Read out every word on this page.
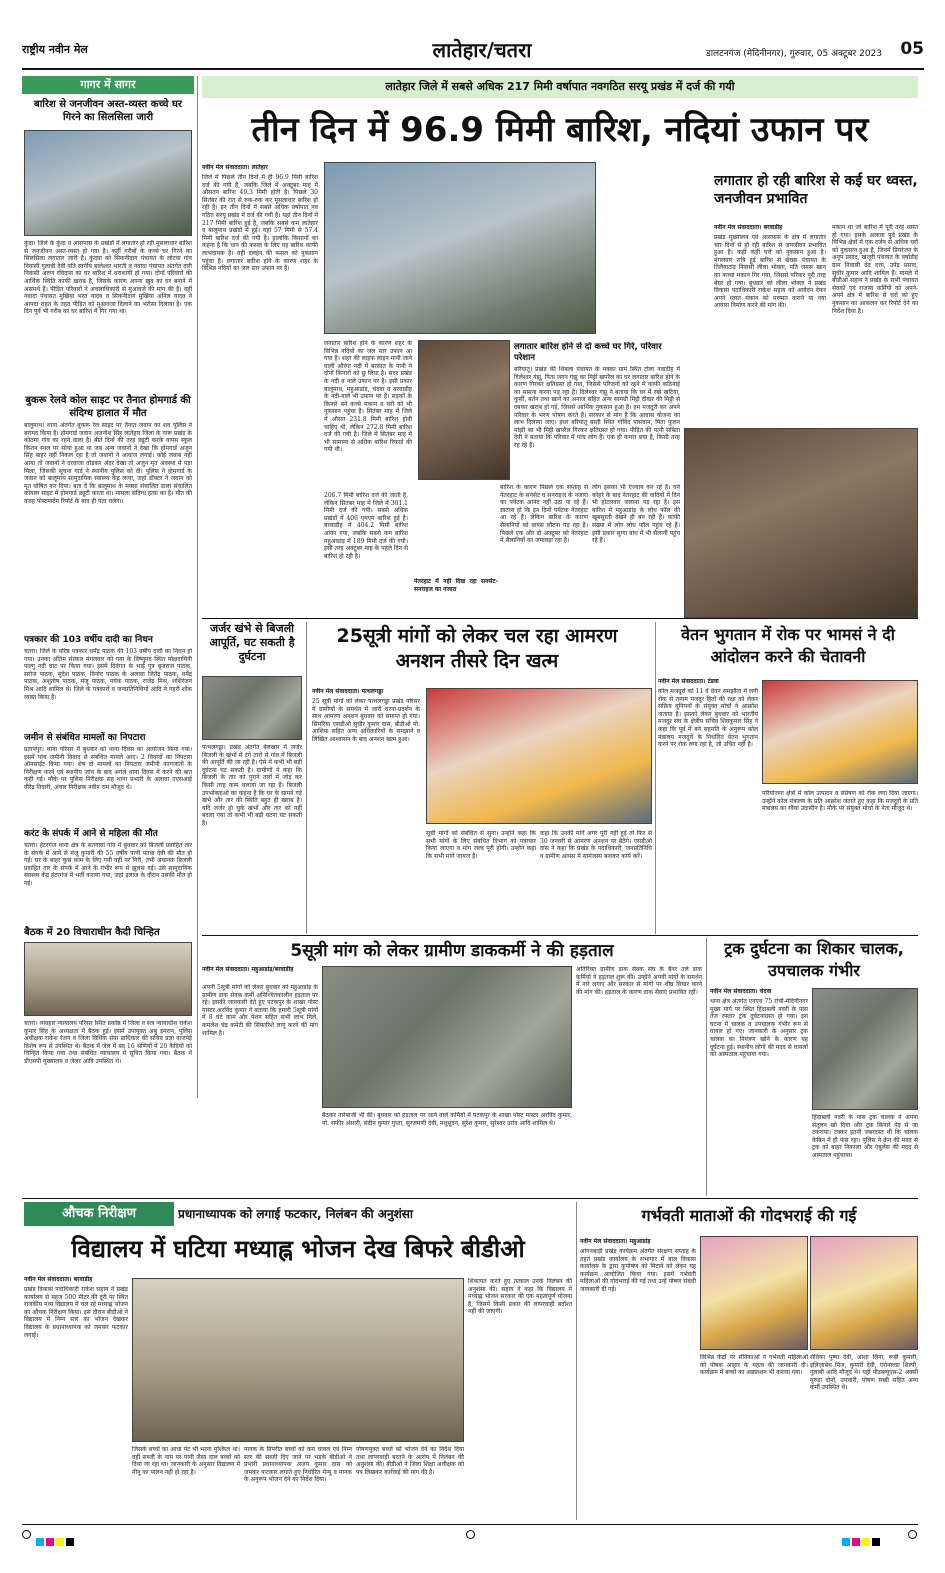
राष्ट्रीय नवीन मेल	लातेहार/चतरा	डालटनगंज (मेदिनीनगर), गुरुवार, 05 अक्टूबर 2023	05
गागर में सागर
बारिश से जनजीवन अस्त-व्यस्त कच्चे घर गिरने का सिलसिला जारी
कुंदा। जिले के कुंदा व आसपास के प्रखंडों में लगातार हो रही मूसलाधार बारिश से जनजीवन अस्त-व्यस्त हो गया है। कहीं गरीबों के कच्चे घर गिरने का सिलसिला लगातार जारी है। कुंदवा को सिकनीदाग पंचायत के लोटवा गांव निवासी गुलाबी देवी पति स्वर्गीय बालेश्वर भारती व नवादा पंचायत अंतर्गत दारी निवासी अरुण रविदास का घर बारिश में धराशायी हो गया। दोनों परिवारों की आर्थिक स्थिति काफी खराब है, जिसके कारण अपना खुद का घर बनाने में असमर्थ हैं। पीड़ित परिवारों ने अंचलाधिकारी से मुआवजे की मांग की है। वहीं नवादा पंचायत मुखिया भरत यादव व सिकनीदाग मुखिया अनिल यादव ने आपदा राहत के तहत पीड़ित को मुआवजा दिलाने का भरोसा दिलाया है। एक दिन पूर्व भी गरीब का घर बारिश में गिर गया था।
बुकरू रेलवे कोल साइट पर तैनात होमगार्ड की संदिग्ध हालात में मौत
बालूमाथ। थाना अंतर्गत बुकरू रेल साइट पर तैनात जवान का शव पुलिस ने बरामद किया है। होमगार्ड जवान अजनोश सिंह लातेहार जिला के गारू प्रखंड के कोठमा गांव का रहने वाला है। बीते दिनों की तरह ड्यूटी करके वापस स्कूल किशन स्थल पर सोया हुआ था जब अन्य जवानों ने देखा कि होमगार्ड अजुन सिंह बाहर नहीं निकल रहा है तो जवानों ने आवाज लगाई। कोई जवाब नहीं आया तो जवानों ने दरवाजा तोड़कर अंदर देखा तो अजुन मृत अवस्था में पड़ा मिला, जिसकी सूचना गार्ड ने स्थानीय पुलिस को दी। पुलिस ने होमगार्ड के जवान को बालूमाथ सामुदायिक स्वास्थ्य केंद्र लाया, जहां डॉक्टर ने जवान को मृत घोषित कर दिया। बता दें कि बालूमाथ के मक्सा संचालित डाला संचालित कोयला साइट में होमगार्ड ड्यूटी करता था। मामला संदिग्ध हत्या का है। मौत की वजह पोस्टमार्टम रिपोर्ट के बाद ही पता चलेगा।
पत्रकार की 103 वर्षीय दादी का निधन
चतरा। जिले के वरिष्ठ पत्रकार धर्मेंद्र पाठक की 103 वर्षीय दादी का निधन हो गया। उनका अंतिम संस्कार मंगलवार को गया के विष्णुपद स्थित मोक्षदायिनी फल्गु नदी घाट पर किया गया। इसमें दिवंगत के भाई पुत्र बृजराज पाठक, सरोज पाठक, सुदेश पाठक, विनोद पाठक के अलावा जितेंद्र पाठक, धर्मेंद्र पाठक, अशुतोष पाठक, मंजू पाठक, मयंक पाठक, राजेंद्र मिश्र, शशिरंजन मिश्र आदि शामिल थे। जिले के पत्रकारों व जनप्रतिनिधियों आदि ने गहरी शोक व्यक्त किया है।
जमीन से संबंधित मामलों का निपटारा
प्रतापपुर। थाना परिसर में बुधवार को थाना दिवस का आयोजन किया गया। इसमें पांच जमीनी विवाद से संबंधित मामले आए। 2 विवादों का निपटारा ऑनसाईट किया गया। शेष दो मामलों का निपटारा जमीनी कागजातों के निरीक्षण करने एवं स्थानीय जांच के बाद अगले थाना दिवस में करने की बात कही गई। मौके पर पुलिस निरीक्षक सह थाना प्रभारी के अलावा एएसआई वीरेंद्र तिवारी, अंचल निरीक्षक नवीन राम मौजूद थे।
करंट के संपर्क में आने से महिला की मौत
चतरा। हंटरगंज थाना क्षेत्र के सतगावां गांव में बुधवार को बिजली प्रवाहित तार के संपर्क में आने से मंजू कुमारी की 55 वर्षीय पत्नी पतवा देवी की मौत हो गई। घर के बाहर कुछ काम के लिए गयी वहीं पर गिरी, तभी अचानक बिजली प्रवाहित तार के संपर्क में आने के गंभीर रूप से झुलस गई। उसे सामुदायिक स्वास्थ्य केंद्र हंटरगंज में भर्ती कराया गया, जहां इलाज के दौरान उसकी मौत हो गई।
बैठक में 20 विचाराधीन कैदी चिन्हित
चतरा। व्यवहार न्यायालय परिसर स्थित प्रकोष्ठ में जिला व सत्र न्यायाधीश राकेश कुमार सिंह के अध्यक्षता में बैठक हुई। इसमें उपायुक्त अबु इमरान, पुलिस अधीक्षक राकेश रंजन व जिला विधिक सेवा प्राधिकार की सचिव प्रज्ञा वाजपेई विशेष रूप से उपस्थित थे। बैठक में जेल में बंद 16 श्रेणियों में 20 कैदियों को चिन्हित किया गया तथा संबंधित न्यायालय में सूचित किया गया। बैठक में डीएसपी मुख्यालय व जेलर आदि उपस्थित थे।
लातेहार जिले में सबसे अधिक 217 मिमी वर्षापात नवगठित सरयू प्रखंड में दर्ज की गयी
तीन दिन में 96.9 मिमी बारिश, नदियां उफान पर
नवीन मेल संवाददाता। लातेहार
जिले में पिछले तीन दिनों में ही 96.9 मिमी बारिश दर्ज की गयी है, जबकि जिले में अक्टूबर माह में औसतन बारिश 49.3 मिमी होती है। पिछले 30 सितंबर की रात से रुक-रुक कर मूसलाधार बारिश हो रही है। इन तीन दिनों में सबसे अधिक वर्षापात नव गठित सरयू प्रखंड में दर्ज की गयी है। यहां तीन दिनों में 217 मिमी बारिश हुई है, जबकि सबसे कम लातेहार व बालूमाथ प्रखंडों में हुई। यहां 57 मिमी से 57.4 मिमी बारिश दर्ज की गयी है। हालांकि किसानों का कहना है कि धान की फसल के लिए यह बारिश काफी लाभदायक है। वहीं दलहन की फसल को नुकसान पहुंचा है। लगातार बारिश होने के कारण शहर के विभिन्न नदियों का जल स्तर उफान पर है।
लगातार बारिश होने के कारण शहर के विभिन्न नदियों का जल स्तर उफान आ गया है। शहर की लाइफ लाइन मानी जाने वाली औरंगा नदी में बरसात के पानी ने दोनों किनारों को छू लिया है। सदर प्रखंड के नदी व नाले उफान पर है। इसी प्रकार बालूमाथ, महुआडांड़, चंदवा व बरवाडीह के नदी-नाले भी उफान पर हैं। सड़कों के किनारे बने कच्चे मकान व घरों को भी नुकसान पहुंचा है। सितंबर माह में जिले में औसत 231.8 मिमी बारिश होनी चाहिए थी, लेकिन 272.8 मिमी बारिश दर्ज की गयी है। जिले में सितंबर माह में भी सामान्य से अधिक बारिश रिकार्ड की गयी थी।
लगातार हो रही बारिश से कई घर ध्वस्त, जनजीवन प्रभावित
नवीन मेल संवाददाता। बरवाडीह
प्रखंड मुख्यालय एवं आसपास के क्षेत्र में लगातार चार दिनों से हो रही बारिश से जनजीवन प्रभावित हुआ है। कहीं कहीं घरों को नुकसान हुआ है। मंगलवार रात्रि हुई बारिश से छेच्छा पंचायत के तिलैयाटांड़ निवासी लीला भोक्ता, पति जमरू खान का कच्चा मकान गिर गया, जिससे परिवार पूरी तरह बेघर हो गया। बुधवार को लीला भोक्ता ने प्रखंड विकास पदाधिकारी राकेश सहाय को आवेदन देकर अपने ध्वस्त मकान को मरम्मत कराने या नया आवास निर्माण करने की मांग की।
मकान था जो बारिश में पूरी तरह ध्वस्त हो गया। इसके अलावा पूर्व प्रखंड के विभिन्न क्षेत्रों में एक दर्जन से अधिक घरों को नुकसान हुआ है, जिनमें प्रियरंजन के अनूप प्रसाद, खजूरी पंचायत के वर्षाडीह ग्राम निवासी देव दत्ता, उपेंद्र प्रसाद, सुधीर कुमार आदि शामिल हैं। मामले में बीडीओ सहाय ने प्रखंड के सभी पंचायत सेवकों एवं राजस्व कर्मियों को अपने-अपने क्षेत्र में बारिश से घरों को हुए नुकसान का आकलन कर रिपोर्ट देने का निर्देश दिया है।
लगातार बारिश होने से दो कच्चे घर गिरे, परिवार परेशान
बरियातू। प्रखंड की शिबला पंचायत के मक्का ग्राम स्थित टोला नवाडीह में दिलेश्वर गंझू, पिता जगन गंझू का मिट्टी खपरैल का घर लगातार बारिश होने के कारण गिरकर क्षतिग्रस्त हो गया, जिससे परिजनों को रहने में काफी कठिनाई का सामना करना पड़ रहा है। दिलेश्वर गंझू ने बताया कि घर में रखे खटिया, कुर्सी, बर्तन तथा खाने का अनाज सहित अन्य सामग्री मिट्टी दीवार की मिट्टी से दबकर खराब हो गई, जिससे आर्थिक नुकसान हुआ है। हम मजदूरी कर अपने परिवार के भरण पोषण करते हैं। सरकार से मांग है कि आवास योजना का लाभ दिलाया जाए। इधर बरियातू बस्ती स्थित गोविंद पासवान, पिता फुलन मांझी का भी मिट्टी खपरैल गिरकर क्षतिग्रस्त हो गया। पीड़ित की पत्नी सबिता देवी ने बताया कि परिवार में पांच लोग हैं। एक ही कमरा बचा है, किसी तरह रह रहे हैं।
206.7 मिमी बारिश दर्ज की जाती है, लेकिन सितंबर माह में जिले में 301.1 मिमी दर्ज की गयी। सबसे अधिक प्रखंडों में 406 एमएम बारिश हुई है। बरवाडीह में 404.2 मिमी बारिश आंका गया, जबकि सबसे कम बारिश महुआडांड़ में 189 मिमी दर्ज की गयी। इसी तरह अक्टूबर माह के पहले दिन से बारिश हो रही है।
नेतरहाट में नहीं दिख रहा सनसेट-सनराइज का नजारा
बारिश के कारण पिछले एक सप्ताह से नेतरहाट के सनसेट व सनराइज के नजारा का पर्यटक आनंद नहीं उठा पा रहे हैं। ज्ञातव्य हो कि इन दिनों पर्यटक नेतरहाट आ रहे हैं। लेकिन बारिश के कारण सैलानियों को वापस लौटना पड़ रहा है। पिछले एक और दो अक्टूबर को नेतरहाट में सैलानियों का जमावड़ा रहा है।
लोग इसका भी एंज्वाय कर रहे हैं। घने कोहरे के बाद नेतरहाट की वादियों में दिन भी होटलवार जलाना पड़ रहा है। इस बारिश में महुआडांड़ के लोध फॉल की खूबसूरती देखने ही बन रही है। काफी संख्या में लोग लोध फॉल पहुंच रहे हैं। इसी प्रकार सुग्गा बांध में भी सैलानी पहुंच रहे हैं।
जर्जर खंभे से बिजली आपूर्ति, घट सकती है दुर्घटना
पत्थलगड्डा। प्रखंड अंतर्गत बेलखार में जर्जर बिजली के खंभों में टंगे तारों से गांव में बिजली की आपूर्ति की जा रही है। ऐसे में कभी भी बड़ी दुर्घटना घट सकती है। ग्रामीणों ने कहा कि बिजली के तार को पुराने तारों में जोड़ कर किसी तरह काम चलाया जा रहा है। बिजली उपभोक्ताओं का कहना है कि घर के सामने गड़े खंभे और तार की स्थिति बहुत ही खराब है। यदि जर्जर हो चुके खंभों और तार को नहीं बदला गया तो कभी भी बड़ी घटना घट सकती है।
25सूत्री मांगों को लेकर चल रहा आमरण अनशन तीसरे दिन खत्म
नवीन मेल संवाददाता। पत्थलगड्डा
25 सूत्री मांगों को लेकर पत्थलगड्डा प्रखंड परिसर में ग्रामीणों के समर्थन में जारी धरना-प्रदर्शन के साथ आमरण अनशन बुधवार को समाप्त हो गया। सिमरिया एसडीओ सुधीर कुमार दास, बीडीओ मो. आशिफ सहित अन्य अधिकारियों के समझाने व लिखित आश्वासन के बाद अनशन खत्म हुआ।
सूची मांगों को संबंधित से सुना। उन्होंने कहा कि सभी मांगों के लिए संबंधित विभाग को पत्राचार किया जाएगा व मांग जल्द पूरी होगी। उन्होंने कहा कि सभी मांगें जायज हैं।
कहा कि उनकी मांगें अगर पूरी नहीं हुई तो फिर से 30 जनवरी से आमरण अनशन पर बैठेंगे। एसडीओ दास ने कहा कि प्रखंड के पदाधिकारी, जनप्रतिनिधि व ग्रामीण आपस में सामंजस्य बनाकर कार्य करें।
वेतन भुगतान में रोक पर भामसं ने दी आंदोलन करने की चेतावनी
नवीन मेल संवाददाता। टंडवा
कोल मजदूरों को 11 वें वेतन समझौता में लगी रोक से तमाम मजदूर हितों की रक्षा को लेकर सक्रिय यूनियनों के संयुक्त मोर्चा ने आक्रोश जताया है। इसको लेकर बुधवार को भारतीय मजदूर संघ के क्षेत्रीय सचिव शिवकुमार सिंह ने कहा कि पूर्व में बने सहमति के अनुरूप कोल मंत्रालय मजदूरों के निर्धारित वेतन भुगतान करने पर रोक लगा रहा है, जो उचित नहीं है।
परियोजना क्षेत्रों में कोल उत्पादन व संप्रेषण को रोक लगा दिया जाएगा। उन्होंने कोल मंत्रालय के प्रति आक्रोश जताते हुए कहा कि मजदूरों के प्रति मंत्रालय का रवैया उदासीन है। मौके पर संयुक्त मोर्चा के नेता मौजूद थे।
5सूत्री मांग को लेकर ग्रामीण डाककर्मी ने की हड़ताल
नवीन मेल संवाददाता। महुआडांड़/बरवाडीह
अपनी 5सूत्री मांगों को लेकर बुधवार को महुआडांड़ के ग्रामीण डाक सेवक कर्मी अनिश्चितकालीन हड़ताल पर रहे। इसकी जानकारी देते हुए पटकपुर के शाखा पोस्ट मास्टर अरविंद कुमार ने बताया कि हमारी 5सूत्री मांगों में 8 घंटे काम और पेंशन सहित सभी लाभ मिले, कमलेश चंद्र कमेटी की सिफारिशें लागू करने की मांग शामिल है।
बैठकर नारेबाजी भी की। बुधवार को हड़ताल पर जाने वाले कर्मियों में पटकपुर के शाखा पोस्ट मास्टर अरविंद कुमार, मो. सफीर अंसारी, संदीप कुमार गुप्ता, सुरजमणी देवी, मधुसूदन, सुरेश कुमार, सुरेश्वर उरांव आदि शामिल थे।
अतिरिक्त ग्रामीण डाक सेवक संघ के बैनर तले डाक कर्मियों ने हड़ताल शुरू की। उन्होंने अपनी मांगों के समर्थन में नारे लगाए और सरकार से मांगों पर शीघ्र विचार करने की मांग की। हड़ताल के कारण डाक सेवाएं प्रभावित रहीं।
ट्रक दुर्घटना का शिकार चालक, उपचालक गंभीर
नवीन मेल संवाददाता। चंदवा
थाना क्षेत्र अंतर्गत एनएच 75 रांची-मेदिनीनगर मुख्य मार्ग पर स्थित हिंदाबली नवरी के पास तेज रफ्तार ट्रक दुर्घटनाग्रस्त हो गया। इस घटना में चालक व उपचालक गंभीर रूप से घायल हो गए। जानकारी के अनुसार ट्रक चालक का नियंत्रण खोने के कारण यह दुर्घटना हुई। स्थानीय लोगों की मदद से घायलों को अस्पताल पहुंचाया गया।
हिंदाबली नवरी के पास ट्रक चालक ने अपना संतुलन खो दिया और ट्रक किनारे पेड़ से जा टकराया। टक्कर इतनी जबरदस्त थी कि चालक केबिन में ही फंस रहा। पुलिस ने क्रेन की मदद से ट्रक को बाहर निकाला और एंबुलेंस की मदद से अस्पताल पहुंचाया।
औचक निरीक्षण	प्रधानाध्यापक को लगाई फटकार, निलंबन की अनुशंसा
विद्यालय में घटिया मध्याह्न भोजन देख बिफरे बीडीओ
नवीन मेल संवाददाता। बरवाडीह
प्रखंड विकास पदाधिकारी राकेश सहाय ने प्रखंड कार्यालय से महज 500 मीटर की दूरी पर स्थित राजकीय मध्य विद्यालय में चल रहे मध्याह्न भोजन का औचक निरीक्षण किया। इस दौरान बीडीओ ने विद्यालय में निम्न स्तर का भोजन देखकर विद्यालय के प्रधानाध्यापक को जमकर फटकार लगाई।
जिसके बच्चों का आधा पेट भी भरना मुश्किल था। वहीं सब्जी के नाम पर पानी जैसा दाल बच्चों को दिया जा रहा था। जानकारी के अनुसार विद्यालय में मीनू का पालन नहीं हो रहा है।
मानक के विपरीत बच्चों को कम चावल एवं निम्न स्तर की सब्जी दिए जाने पर भड़के बीडीओ ने प्रभारी प्रधानाध्यापक अजय कुमार दास को जमकर फटकार लगाते हुए निर्धारित मेन्यू व मानक के अनुरूप भोजन देने का निर्देश दिया।
पोषणयुक्त बच्चों को भोजन देने का निर्देश दिया तथा लापरवाही बरतने के आरोप में निलंबन की अनुशंसा की। बीडीओ ने जिला शिक्षा अधीक्षक को पत्र लिखकर कार्रवाई की मांग की है।
शिकायत करते हुए तत्काल उनके निलंबन की अनुशंसा की। सहाय ने कहा कि विद्यालय में मध्याह्न भोजन सरकार की एक महत्वपूर्ण योजना है, जिसमें किसी प्रकार की लापरवाही बर्दाश्त नहीं की जाएगी।
गर्भवती माताओं की गोदभराई की गई
नवीन मेल संवाददाता। महुआडांड़
आंगनबाड़ी प्रखंड कार्यक्रम अंतर्गत संरक्षण सप्ताह के तहत प्रखंड कार्यालय के सभागार में बाल विकास कार्यालय के द्वारा कुपोषण को मिटाने को लेकर यह कार्यक्रम आयोजित किया गया। इसमें गर्भवती महिलाओं की गोदभराई की गई तथा उन्हें पोषण संबंधी जानकारी दी गई।
विभिन्न केंद्रों पर सेविकाओं ने गर्भवती महिलाओं को पोषक आहार के महत्व की जानकारी दी। कार्यक्रम में बच्चों का अन्नप्राशन भी कराया गया।
सेविका पुष्पा देवी, आशा लिना, रूबी कुमारी, इलिज़ाबेथ मिंज, कुमारी देवी, एरोनाल्डा शिल्पी, गुलाबी आदि मौजूद थे। यहीं पीडब्ल्यूएस-2 अक्सी मुरुडा दोनों, उपचारी, पोषण सखी सहित अन्य कर्मी उपस्थित थे।
